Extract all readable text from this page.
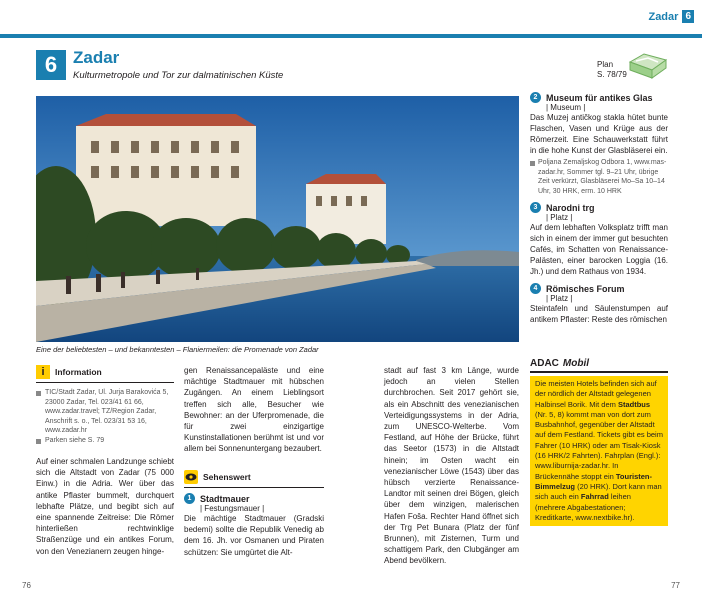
Zadar 6
6 Zadar
Kulturmetropole und Tor zur dalmatinischen Küste
Plan
S. 78/79
Eine der beliebtesten – und bekanntesten – Flaniermeilen: die Promenade von Zadar
i	Information
TIC/Stadt Zadar, Ul. Jurja Barakovića 5, 23000 Zadar, Tel. 023/41 61 66, www.zadar.travel; TZ/Region Zadar, Anschrift s. o., Tel. 023/31 53 16, www.zadar.hr
Parken siehe S. 79

Auf einer schmalen Landzunge schiebt sich die Altstadt von Zadar (75 000 Einw.) in die Adria. Wer über das antike Pflaster bummelt, durchquert lebhafte Plätze, und begibt sich auf eine spannende Zeitreise: Die Römer hinterließen rechtwinklige Straßenzüge und ein antikes Forum, von den Venezianern zeugen hinge-

gen Renaissancepaläste und eine mächtige Stadtmauer mit hübschen Zugängen. An einem Lieblingsort treffen sich alle, Besucher wie Bewohner: an der Uferpromenade, die für zwei einzigartige Kunstinstallationen berühmt ist und vor allem bei Sonnenuntergang bezaubert.

Sehenswert
1 Stadtmauer
| Festungsmauer |

Die mächtige Stadtmauer (Gradski bedemi) sollte die Republik Venedig ab dem 16. Jh. vor Osmanen und Piraten schützen: Sie umgürtet die Alt-

stadt auf fast 3 km Länge, wurde jedoch an vielen Stellen durchbrochen. Seit 2017 gehört sie, als ein Abschnitt des venezianischen Verteidigungssystems in der Adria, zum UNESCO-Welterbe. Vom Festland, auf Höhe der Brücke, führt das Seetor (1573) in die Altstadt hinein; im Osten wacht ein venezianischer Löwe (1543) über das hübsch verzierte Renaissance-Landtor mit seinen drei Bögen, gleich über dem winzigen, malerischen Hafen Foša. Rechter Hand öffnet sich der Trg Pet Bunara (Platz der fünf Brunnen), mit Zisternen, Turm und schattigem Park, den Clubgänger am Abend bevölkern.

2 Museum für antikes Glas
| Museum |

Das Muzej antičkog stakla hütet bunte Flaschen, Vasen und Krüge aus der Römerzeit. Eine Schauwerkstatt führt in die hohe Kunst der Glasbläserei ein.

Poljana Zemaljskog Odbora 1, www.mas-zadar.hr, Sommer tgl. 9–21 Uhr, übrige Zeit verkürzt, Glasbläserei Mo–Sa 10–14 Uhr, 30 HRK, erm. 10 HRK

3 Narodni trg
| Platz |

Auf dem lebhaften Volksplatz trifft man sich in einem der immer gut besuchten Cafés, im Schatten von Renaissance-Palästen, einer barocken Loggia (16. Jh.) und dem Rathaus von 1934.

4 Römisches Forum
| Platz |

Steintafeln und Säulenstumpen auf antikem Pflaster: Reste des römischen

ADAC Mobil
Die meisten Hotels befinden sich auf der nördlich der Altstadt gelegenen Halbinsel Borik. Mit dem Stadtbus (Nr. 5, 8) kommt man von dort zum Busbahnhof, gegenüber der Altstadt auf dem Festland. Tickets gibt es beim Fahrer (10 HRK) oder am Tisak-Kiosk (16 HRK/2 Fahrten). Fahrplan (Engl.): www.liburnija-zadar.hr. In Brückennähe stoppt ein Touristen-Bimmelzug (20 HRK). Dort kann man sich auch ein Fahrrad leihen (mehrere Abgabestationen; Kreditkarte, www.nextbike.hr).
76	77
